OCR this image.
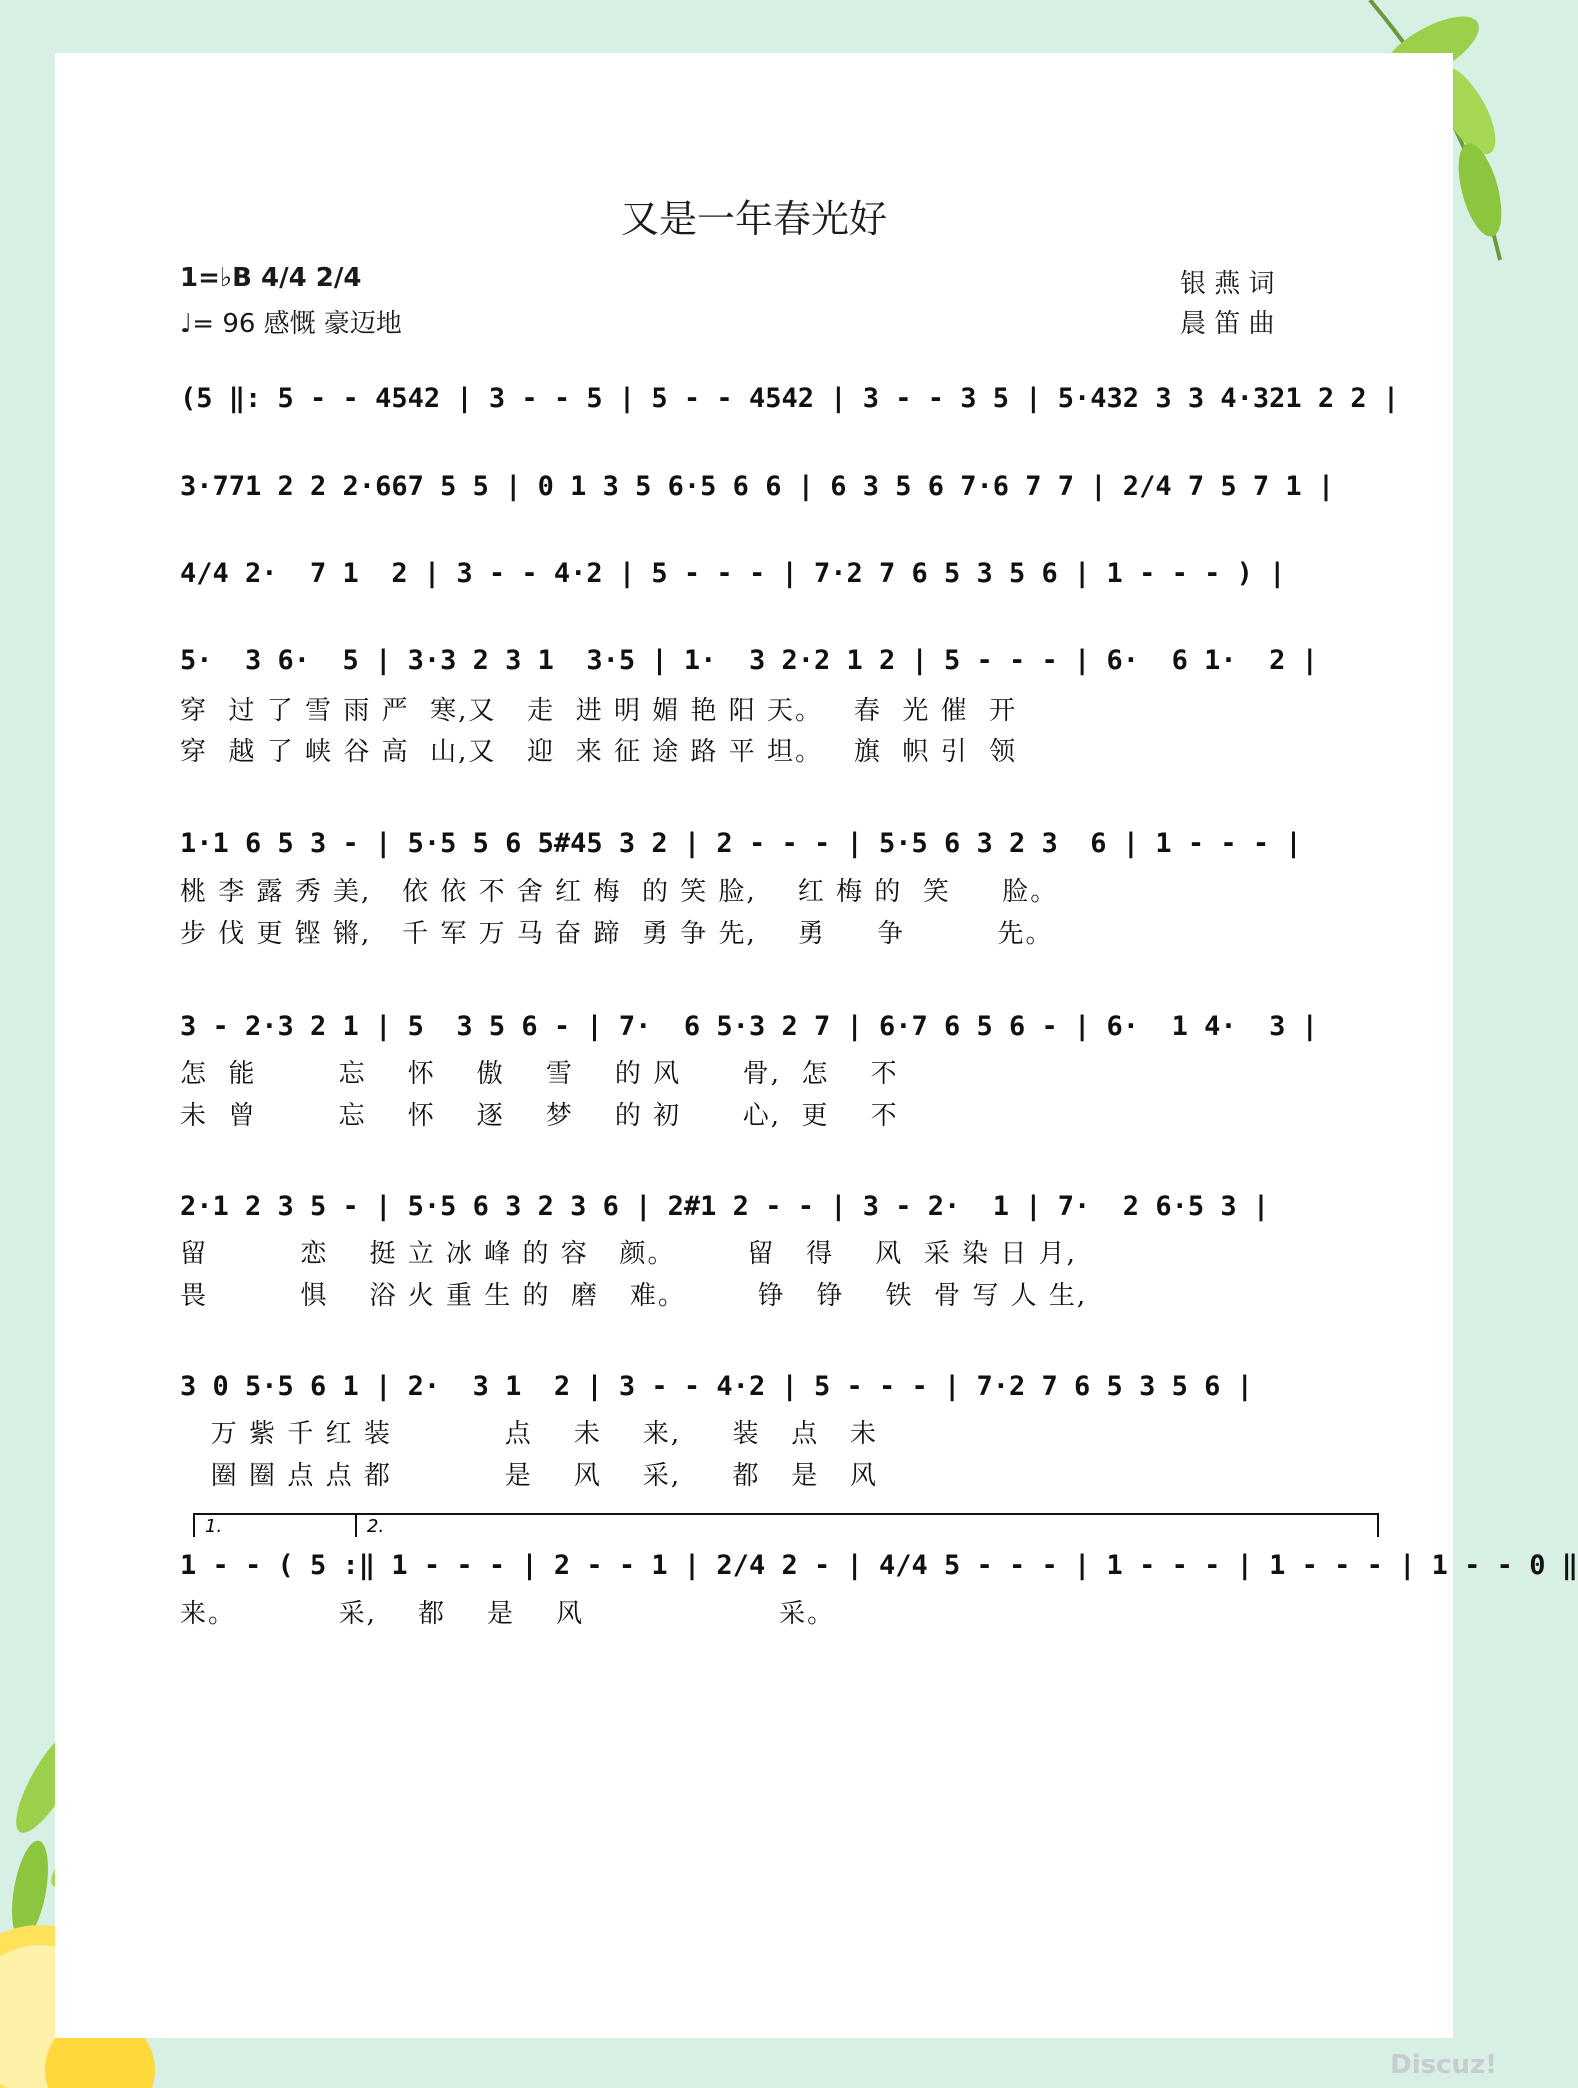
又是一年春光好
1=♭B 4/4 2/4
♩= 96 感慨 豪迈地
银 燕 词
晨 笛 曲
(5 ‖: 5 - - 4542 | 3 - - 5 | 5 - - 4542 | 3 - - 3 5 | 5·432 3 3 4·321 2 2 |
3·771 2 2 2·667 5 5 | 0 1 3 5 6·5 6 6 | 6 3 5 6 7·6 7 7 | 2/4 7 5 7 1 |
4/4 2·  7 1  2 | 3 - - 4·2 | 5 - - - | 7·2 7 6 5 3 5 6 | 1 - - - ) |
5·  3 6·  5 | 3·3 2 3 1  3·5 | 1·  3 2·2 1 2 | 5 - - - | 6·  6 1·  2 |
穿  过 了 雪 雨 严  寒,又   走  进 明 媚 艳 阳 天。   春  光 催  开
穿  越 了 峡 谷 高  山,又   迎  来 征 途 路 平 坦。   旗  帜 引  领
1·1 6 5 3 - | 5·5 5 6 5#45 3 2 | 2 - - - | 5·5 6 3 2 3  6 | 1 - - - |
桃 李 露 秀 美,   依 依 不 舍 红 梅  的 笑 脸,    红 梅 的  笑     脸。
步 伐 更 铿 锵,   千 军 万 马 奋 蹄  勇 争 先,    勇     争         先。
3 - 2·3 2 1 | 5  3 5 6 - | 7·  6 5·3 2 7 | 6·7 6 5 6 - | 6·  1 4·  3 |
怎  能        忘    怀    傲    雪    的 风      骨,  怎    不
未  曾        忘    怀    逐    梦    的 初      心,  更    不
2·1 2 3 5 - | 5·5 6 3 2 3 6 | 2#1 2 - - | 3 - 2·  1 | 7·  2 6·5 3 |
留         恋    挺 立 冰 峰 的 容   颜。       留   得    风  采 染 日 月,
畏         惧    浴 火 重 生 的  磨   难。       铮   铮    铁  骨 写 人 生,
3 0 5·5 6 1 | 2·  3 1  2 | 3 - - 4·2 | 5 - - - | 7·2 7 6 5 3 5 6 |
万 紫 千 红 装           点    未    来,     装   点   未
圈 圈 点 点 都           是    风    采,     都   是   风
1.	2.
1 - - ( 5 :‖ 1 - - - | 2 - - 1 | 2/4 2 - | 4/4 5 - - - | 1 - - - | 1 - - - | 1 - - 0 ‖
来。          采,    都    是    风                   采。
Discuz!
